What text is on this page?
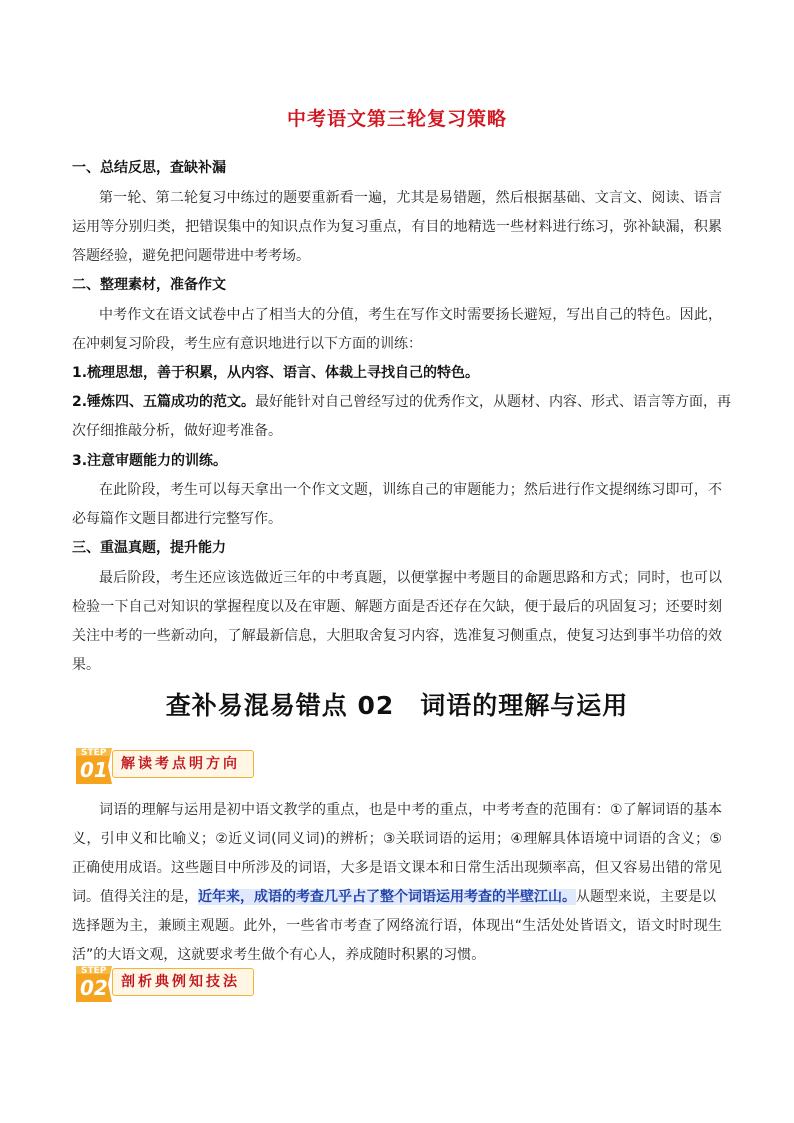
中考语文第三轮复习策略
一、总结反思，查缺补漏
第一轮、第二轮复习中练过的题要重新看一遍，尤其是易错题，然后根据基础、文言文、阅读、语言
运用等分别归类，把错误集中的知识点作为复习重点，有目的地精选一些材料进行练习，弥补缺漏，积累
答题经验，避免把问题带进中考考场。
二、整理素材，准备作文
中考作文在语文试卷中占了相当大的分值，考生在写作文时需要扬长避短，写出自己的特色。因此，
在冲刺复习阶段，考生应有意识地进行以下方面的训练：
1.梳理思想，善于积累，从内容、语言、体裁上寻找自己的特色。
2.锤炼四、五篇成功的范文。最好能针对自己曾经写过的优秀作文，从题材、内容、形式、语言等方面，再
次仔细推敲分析，做好迎考准备。
3.注意审题能力的训练。
在此阶段，考生可以每天拿出一个作文文题，训练自己的审题能力；然后进行作文提纲练习即可，不
必每篇作文题目都进行完整写作。
三、重温真题，提升能力
最后阶段，考生还应该选做近三年的中考真题，以便掌握中考题目的命题思路和方式；同时，也可以
检验一下自己对知识的掌握程度以及在审题、解题方面是否还存在欠缺，便于最后的巩固复习；还要时刻
关注中考的一些新动向，了解最新信息，大胆取舍复习内容，选准复习侧重点，使复习达到事半功倍的效
果。
查补易混易错点 02　词语的理解与运用
解读考点明方向
STEP
01
词语的理解与运用是初中语文教学的重点，也是中考的重点，中考考查的范围有：①了解词语的基本
义，引申义和比喻义；②近义词(同义词)的辨析；③关联词语的运用；④理解具体语境中词语的含义；⑤
正确使用成语。这些题目中所涉及的词语，大多是语文课本和日常生活出现频率高，但又容易出错的常见
词。值得关注的是，近年来，成语的考查几乎占了整个词语运用考查的半壁江山。从题型来说，主要是以
选择题为主，兼顾主观题。此外，一些省市考查了网络流行语，体现出“生活处处皆语文，语文时时现生
活”的大语文观，这就要求考生做个有心人，养成随时积累的习惯。
剖析典例知技法
STEP
02
